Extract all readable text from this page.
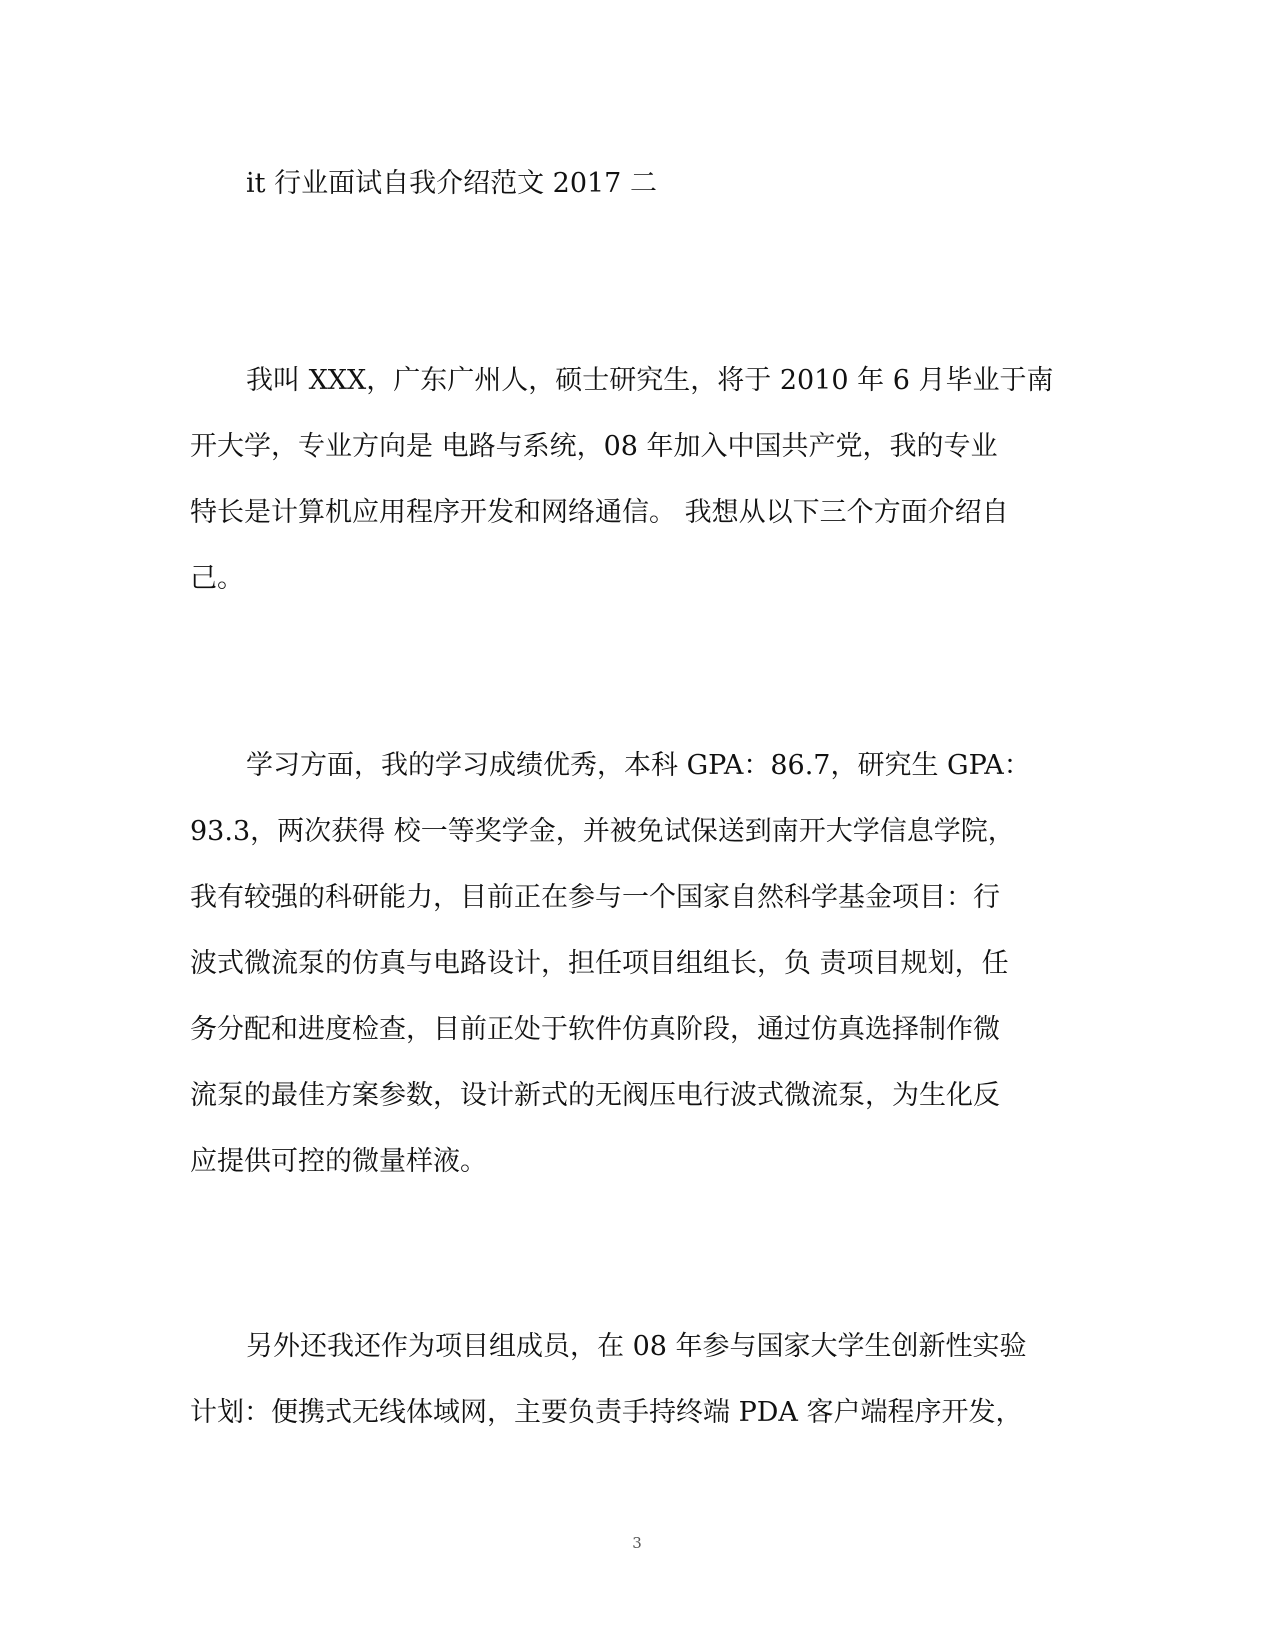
it 行业面试自我介绍范文 2017 二
我叫 XXX，广东广州人，硕士研究生，将于 2010 年 6 月毕业于南
开大学，专业方向是 电路与系统，08 年加入中国共产党，我的专业
特长是计算机应用程序开发和网络通信。 我想从以下三个方面介绍自
己。
学习方面，我的学习成绩优秀，本科 GPA：86.7，研究生 GPA：
93.3，两次获得 校一等奖学金，并被免试保送到南开大学信息学院，
我有较强的科研能力，目前正在参与一个国家自然科学基金项目：行
波式微流泵的仿真与电路设计，担任项目组组长，负 责项目规划，任
务分配和进度检查，目前正处于软件仿真阶段，通过仿真选择制作微
流泵的最佳方案参数，设计新式的无阀压电行波式微流泵，为生化反
应提供可控的微量样液。
另外还我还作为项目组成员，在 08 年参与国家大学生创新性实验
计划：便携式无线体域网，主要负责手持终端 PDA 客户端程序开发，
3
